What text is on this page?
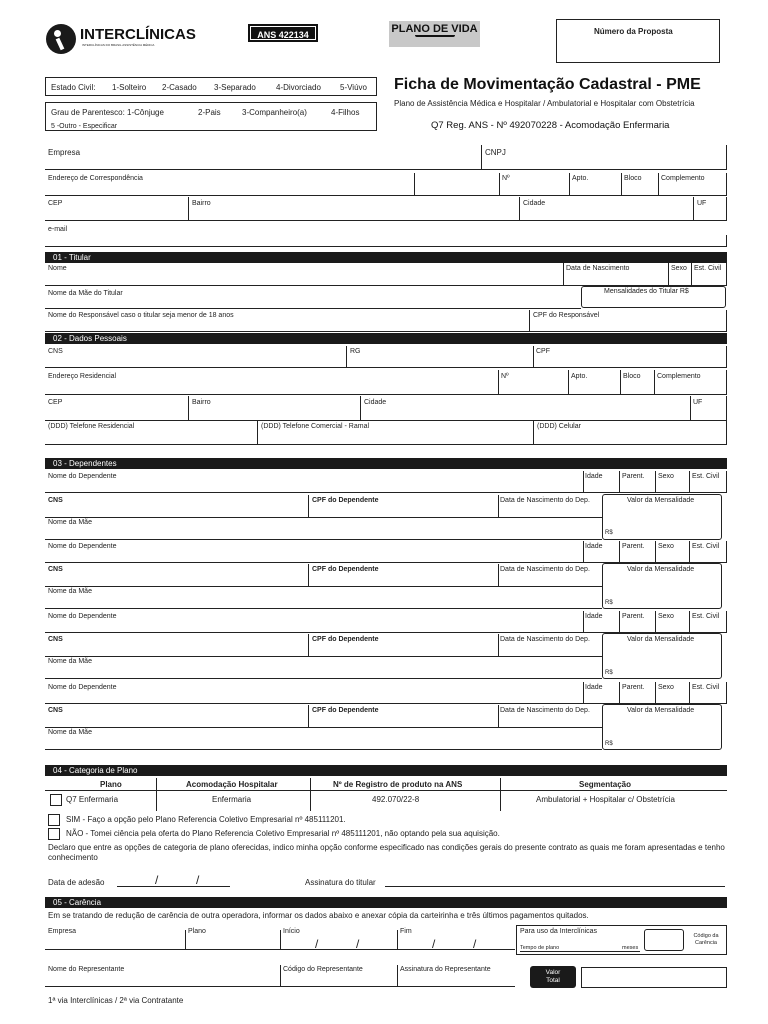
INTERCLÍNICAS
INTERCLÍNICAS DO BRASIL ASSISTÊNCIA MÉDICA
ANS 422134	PLANO DE VIDA	Número da Proposta
Estado Civil: 1-Solteiro 2-Casado 3-Separado	4-Divorciado 5-Viúvo
Grau de Parentesco: 1-Cônjuge	2-Pais	3-Companheiro(a)	4-Filhos
5 -Outro - Especificar
Ficha de Movimentação Cadastral - PME
Plano de Assistência Médica e Hospitalar / Ambulatorial e Hospitalar com Obstetrícia
Q7 Reg. ANS - Nº 492070228 - Acomodação Enfermaria
Empresa	CNPJ
Endereço de Correspondência	Nº	Apto.	Bloco	Complemento
CEP	Bairro	Cidade	UF
e-mail
01 - Titular
Nome	Data de Nascimento	Sexo Est. Civil
Nome da Mãe do Titular	Mensalidades do Titular R$
Nome do Responsável caso o titular seja menor de 18 anos	CPF do Responsável
02 - Dados Pessoais
CNS	RG	CPF
Endereço Residencial	Nº	Apto.	Bloco Complemento
CEP	Bairro	Cidade	UF
(DDD) Telefone Residencial	(DDD) Telefone Comercial - Ramal	(DDD) Celular
03 - Dependentes
Nome do Dependente	Idade	Parent. Sexo	Est. Civil
CNS	CPF do Dependente	Data de Nascimento do Dep.	Valor da Mensalidade
R$
Nome da Mãe
Nome do Dependente	Idade	Parent. Sexo	Est. Civil
CNS	CPF do Dependente	Data de Nascimento do Dep.	Valor da Mensalidade
R$
Nome da Mãe
Nome do Dependente	Idade	Parent. Sexo	Est. Civil
CNS	CPF do Dependente	Data de Nascimento do Dep.	Valor da Mensalidade
R$
Nome da Mãe
Nome do Dependente	Idade	Parent. Sexo	Est. Civil
CNS	CPF do Dependente	Data de Nascimento do Dep.	Valor da Mensalidade
R$
Nome da Mãe
04 - Categoria de Plano
Plano	Acomodação Hospitalar	Nº de Registro de produto na ANS	Segmentação
Q7 Enfermaria	Enfermaria	492.070/22-8	Ambulatorial + Hospitalar c/ Obstetrícia
SIM - Faço a opção pelo Plano Referencia Coletivo Empresarial nº 485111201.
NÃO - Tomei ciência pela oferta do Plano Referencia Coletivo Empresarial nº 485111201, não optando pela sua aquisição.
Declaro que entre as opções de categoria de plano oferecidas, indico minha opção conforme especificado nas condições gerais do presente contrato as quais me foram apresentadas e tenho conhecimento
Data de adesão	/	/	Assinatura do titular
05 - Carência
Em se tratando de redução de carência de outra operadora, informar os dados abaixo e anexar cópia da carteirinha e três últimos pagamentos quitados.
Empresa	Plano	Início	Fim
/	/	/	/
Para uso da Interclínicas
Tempo de plano	meses
Código da Carência
Nome do Representante	Código do Representante	Assinatura do Representante	Valor Total
1ª via Interclínicas / 2ª via Contratante
